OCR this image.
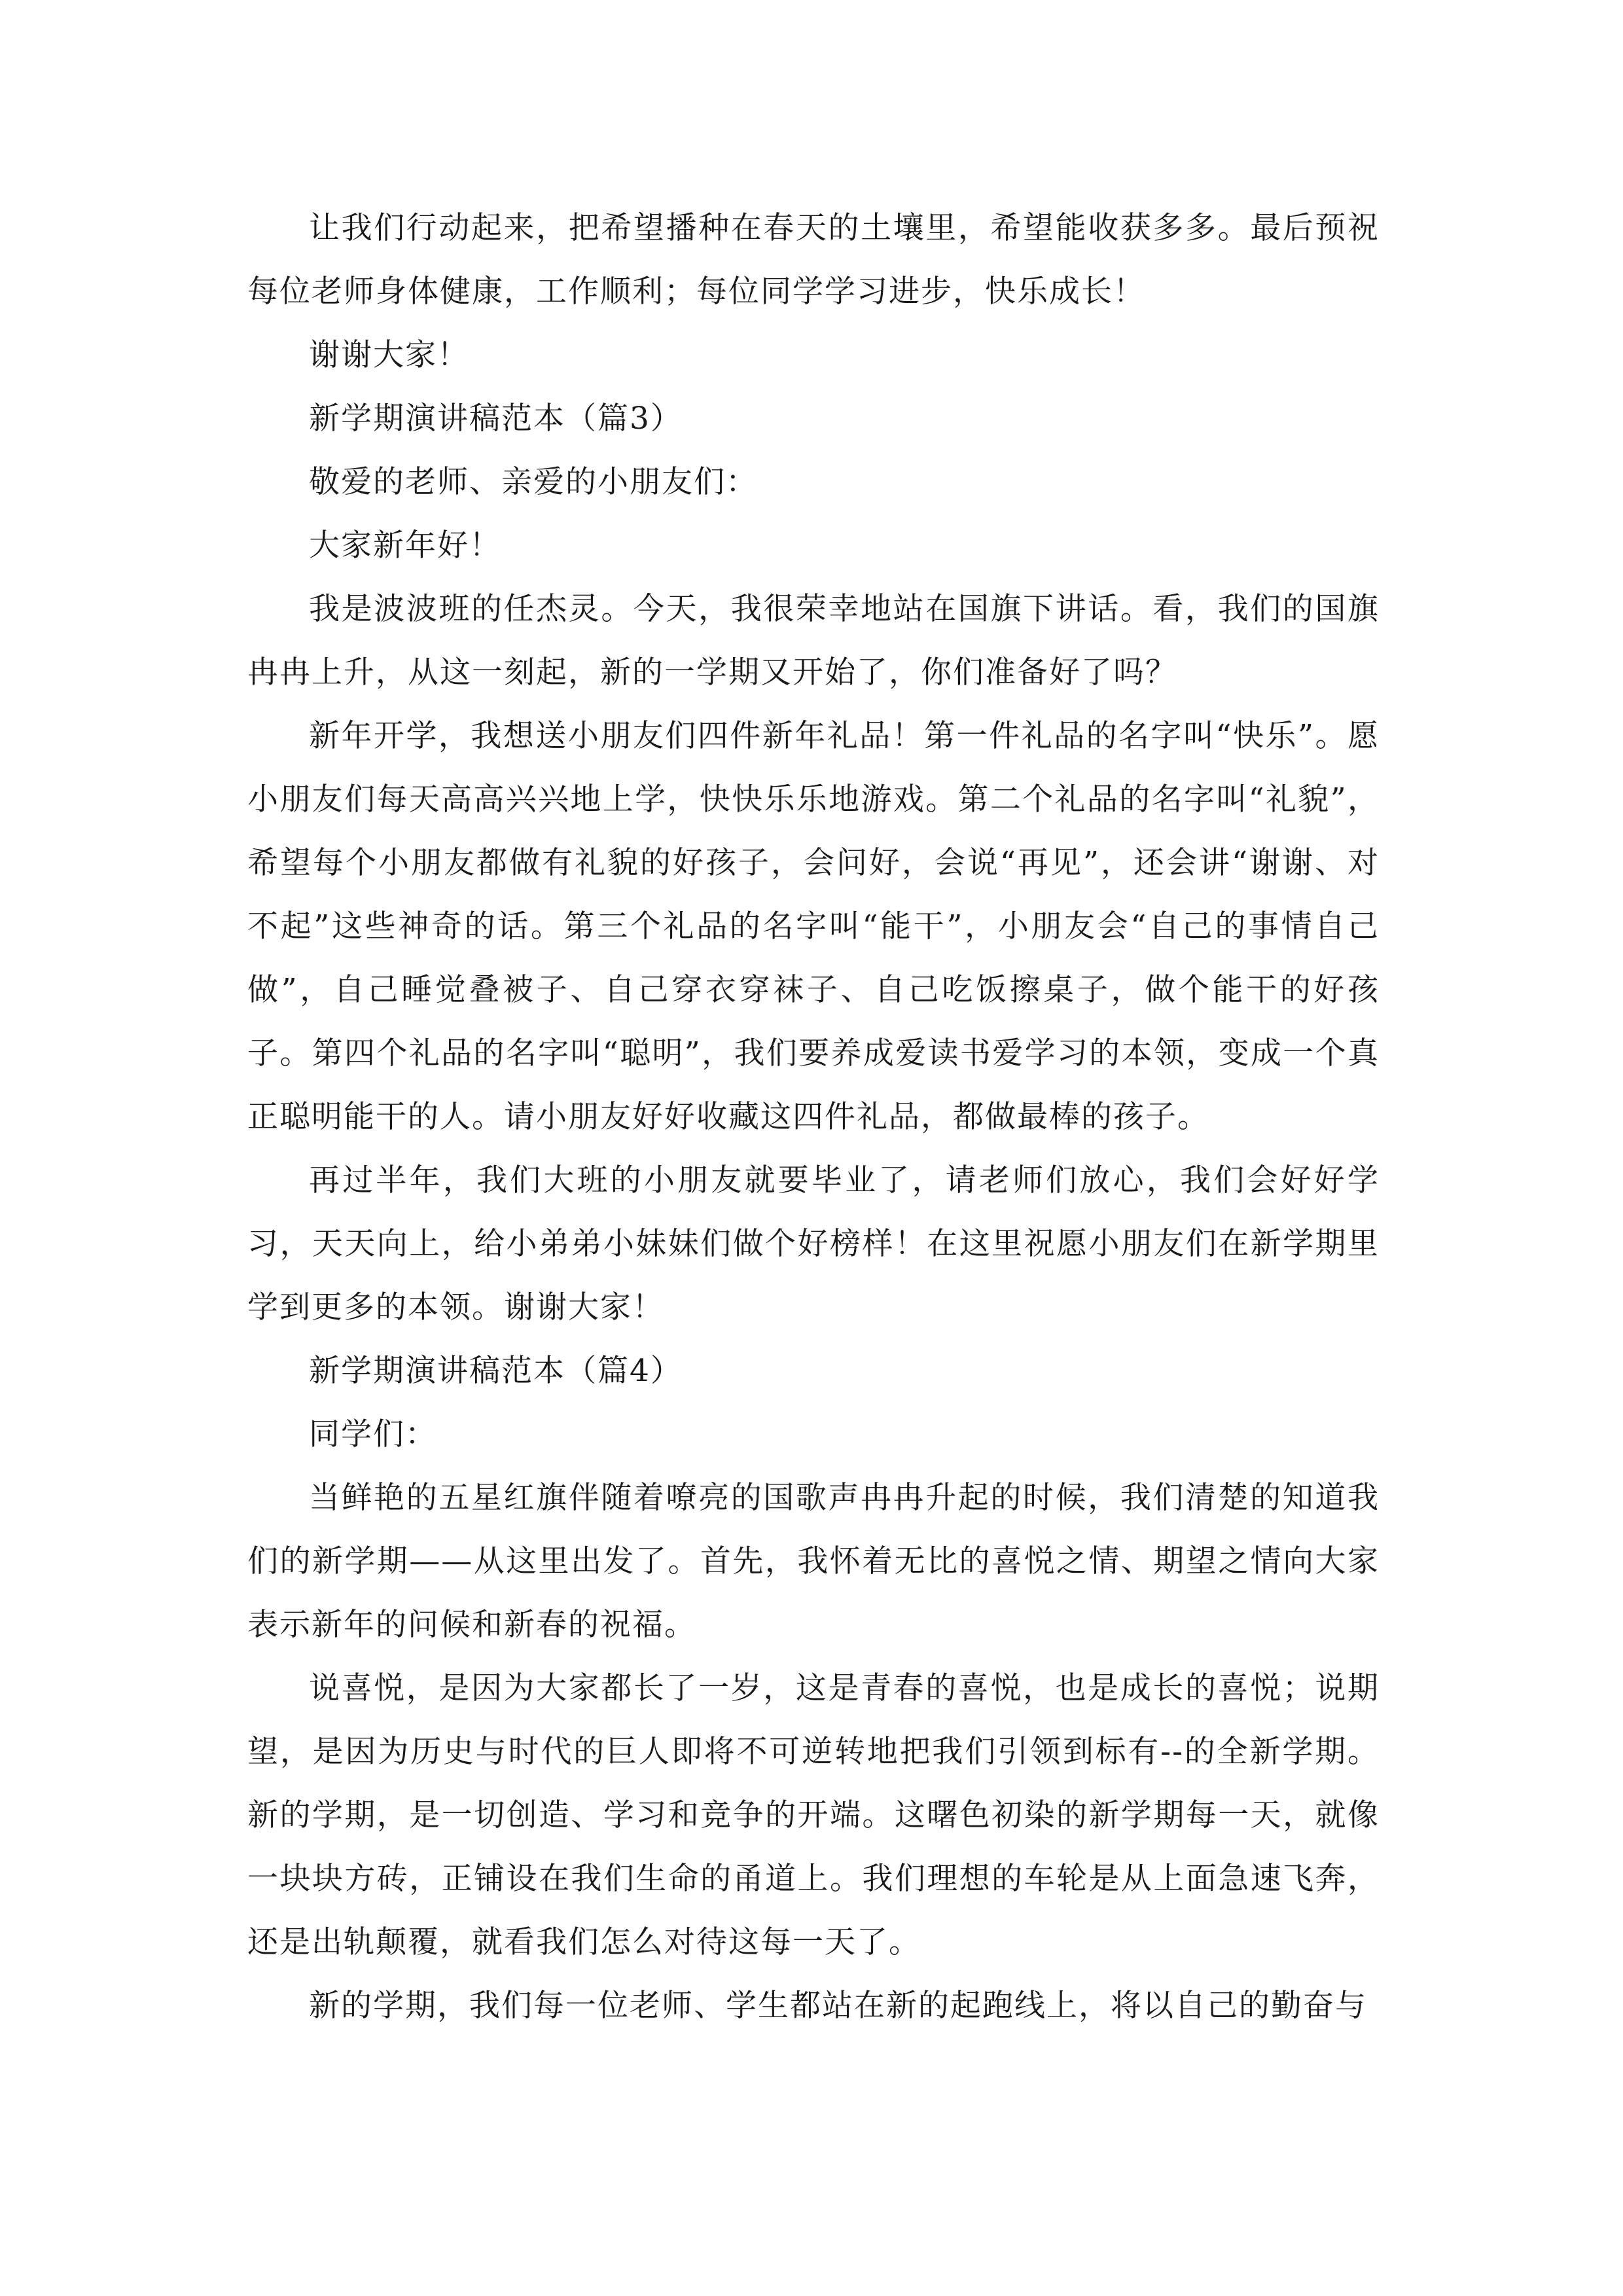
让我们行动起来，把希望播种在春天的土壤里，希望能收获多多。最后预祝每位老师身体健康，工作顺利；每位同学学习进步，快乐成长！

谢谢大家！

新学期演讲稿范本（篇3）

敬爱的老师、亲爱的小朋友们：

大家新年好！

我是波波班的任杰灵。今天，我很荣幸地站在国旗下讲话。看，我们的国旗冉冉上升，从这一刻起，新的一学期又开始了，你们准备好了吗？

新年开学，我想送小朋友们四件新年礼品！第一件礼品的名字叫“快乐”。愿小朋友们每天高高兴兴地上学，快快乐乐地游戏。第二个礼品的名字叫“礼貌”，希望每个小朋友都做有礼貌的好孩子，会问好，会说“再见”，还会讲“谢谢、对不起”这些神奇的话。第三个礼品的名字叫“能干”，小朋友会“自己的事情自己做”，自己睡觉叠被子、自己穿衣穿袜子、自己吃饭擦桌子，做个能干的好孩子。第四个礼品的名字叫“聪明”，我们要养成爱读书爱学习的本领，变成一个真正聪明能干的人。请小朋友好好收藏这四件礼品，都做最棒的孩子。

再过半年，我们大班的小朋友就要毕业了，请老师们放心，我们会好好学习，天天向上，给小弟弟小妹妹们做个好榜样！在这里祝愿小朋友们在新学期里学到更多的本领。谢谢大家！

新学期演讲稿范本（篇4）

同学们：

当鲜艳的五星红旗伴随着嘹亮的国歌声冉冉升起的时候，我们清楚的知道我们的新学期——从这里出发了。首先，我怀着无比的喜悦之情、期望之情向大家表示新年的问候和新春的祝福。

说喜悦，是因为大家都长了一岁，这是青春的喜悦，也是成长的喜悦；说期望，是因为历史与时代的巨人即将不可逆转地把我们引领到标有--的全新学期。新的学期，是一切创造、学习和竞争的开端。这曙色初染的新学期每一天，就像一块块方砖，正铺设在我们生命的甬道上。我们理想的车轮是从上面急速飞奔，还是出轨颠覆，就看我们怎么对待这每一天了。

新的学期，我们每一位老师、学生都站在新的起跑线上，将以自己的勤奋与
